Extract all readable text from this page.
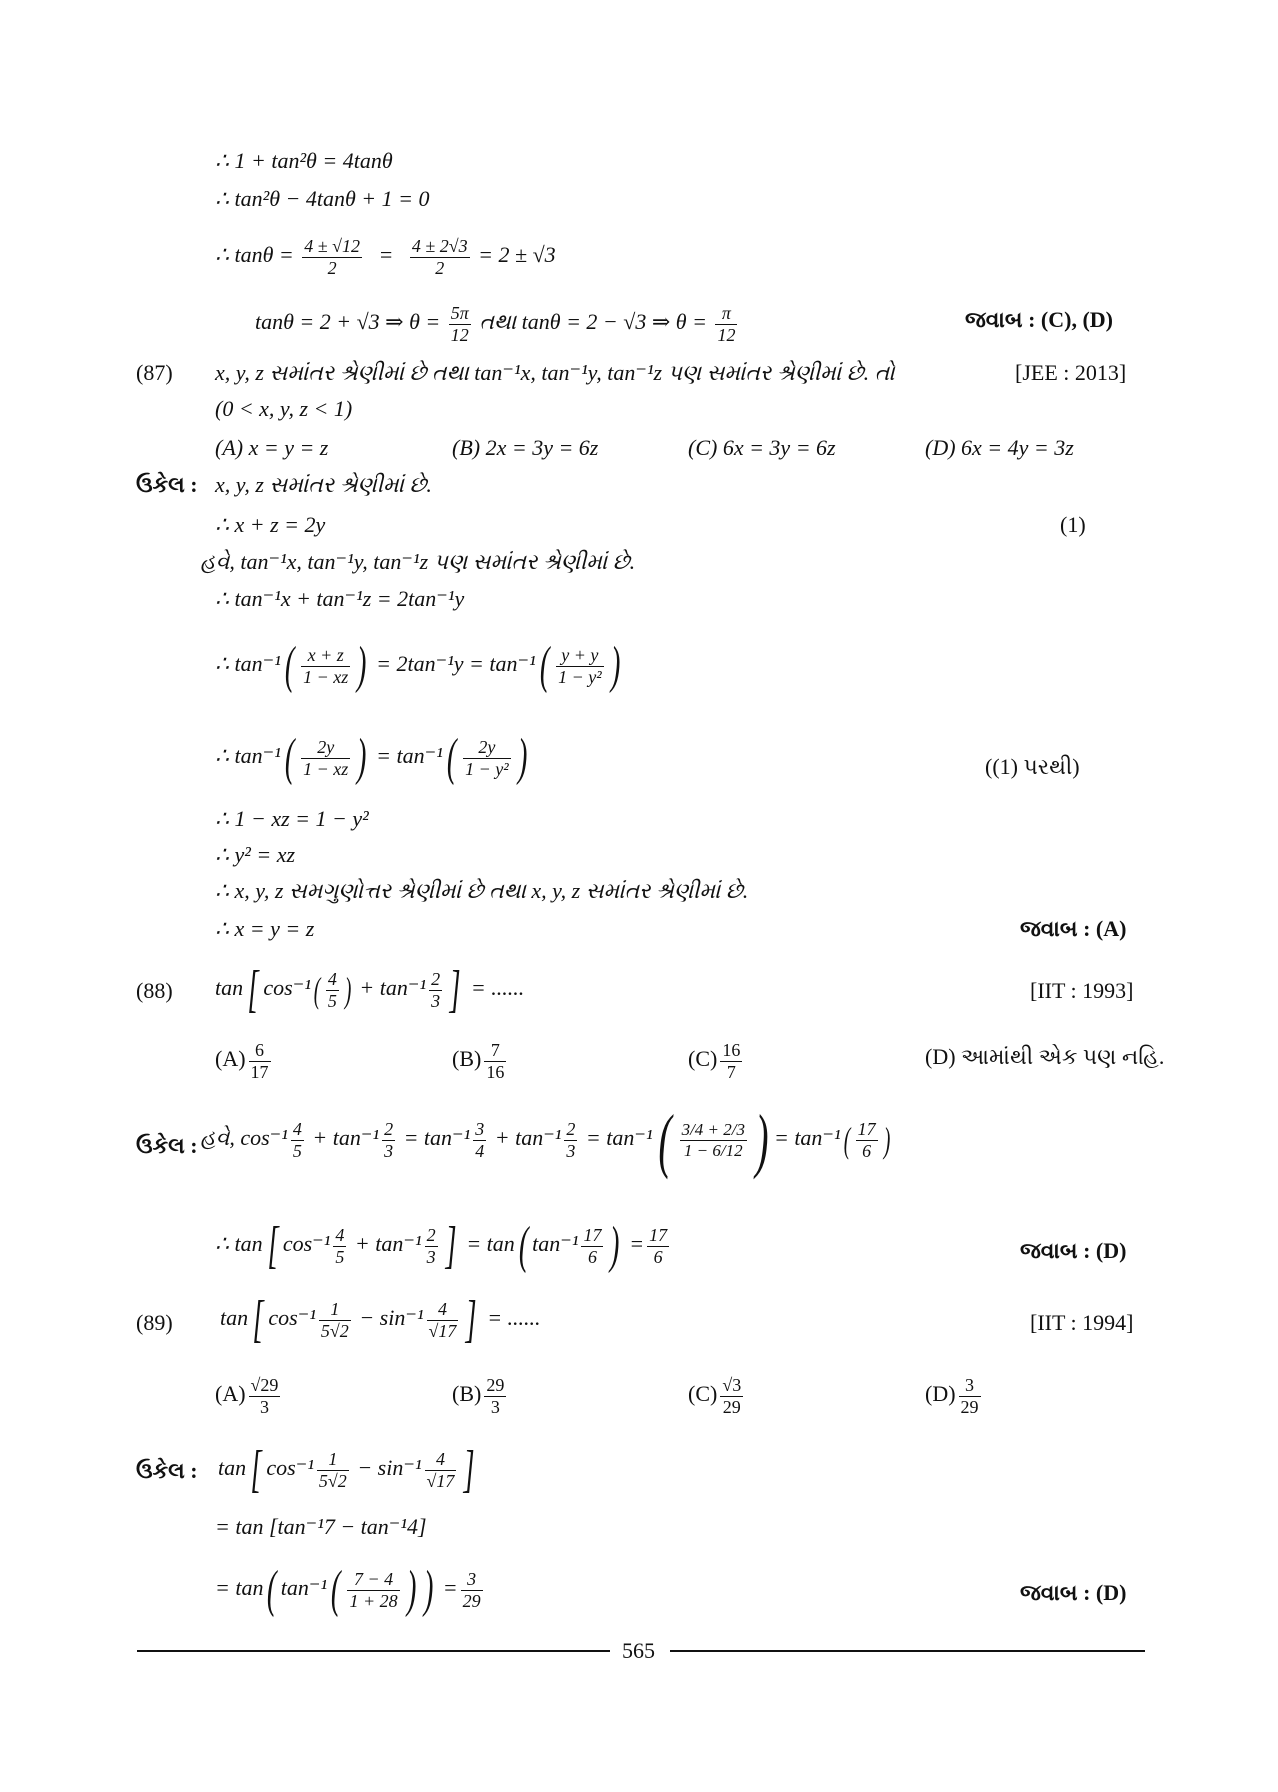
∴ 1 + tan²θ = 4tanθ
∴ tan²θ − 4tanθ + 1 = 0
∴ $\tan\theta = \frac{4 \pm √12}{2} = \frac{4 \pm 2√3}{2} = 2 \pm √3$
tanθ = 2 + √3 ⇒ $\theta = \frac{5\pi}{12}$ તથા tanθ = 2 − √3 ⇒ $\theta = \frac{\pi}{12}$	જવાબ : (C), (D)
(87) x, y, z સમાંતર શ્રેણીમાં છે તથા tan⁻¹x, tan⁻¹y, tan⁻¹z પણ સમાંતર શ્રેણીમાં છે. તો	[JEE : 2013]
(0 < x, y, z < 1)
(A) x = y = z	(B) 2x = 3y = 6z	(C) 6x = 3y = 6z	(D) 6x = 4y = 3z
ઉકેલ : x, y, z સમાંતર શ્રેણીમાં છે.
∴ x + z = 2y	(1)
હવે, tan⁻¹x, tan⁻¹y, tan⁻¹z પણ સમાંતર શ્રેણીમાં છે.
∴ tan⁻¹x + tan⁻¹z = 2tan⁻¹y
∴ $\tan^{-1}( \frac{x + z}{1 - xz}$ ) = $2\tan^{-1}y = \tan^{-1}( \frac{y + y}{\text{1 − y²}}$ )
∴ $\tan^{-1}( \frac{2y}{1 - xz}$ ) = $\tan^{-1}( \frac{2y}{\text{1 − y²}}$ )	((1) પરથી)
∴ 1 − xz = 1 − y²
∴ y² = xz
∴ x, y, z સમગુણોત્તર શ્રેણીમાં છે તથા x, y, z સમાંતર શ્રેણીમાં છે.
∴ x = y = z	જવાબ : (A)
(88) tan[ $\cos^{-1}( \frac{4}{5}$ ) + $\tan^{-1} \frac{2}{3}$ ] = ......	[IIT : 1993]
$(A) \frac{6}{17}$	$(B) \frac{7}{16}$	$(C) \frac{16}{7}$	(D) આમાંથી એક પણ નહિ.
ઉકેલ : હવે, $\cos^{-1} \frac{4}{5} + \tan^{-1} \frac{2}{3} = \tan^{-1} \frac{3}{4} + \tan^{-1} \frac{2}{3} = \tan^{-1}( \frac{3/4 + 2/3}{1 - 6/12}$ ) = $\tan^{-1}( \frac{17}{6}$ )
∴ tan[ $\cos^{-1} \frac{4}{5} + \tan^{-1} \frac{2}{3}$ ] = tan( $\tan^{-1} \frac{17}{6}$ ) = $\frac{17}{6}$	જવાબ : (D)
(89) tan[ $\cos^{-1} \frac{1}{5√2} - \sin^{-1} \frac{4}{√17}$ ] = ......	[IIT : 1994]
$(A) \frac{√29}{3}$	$(B) \frac{29}{3}$	$(C) \frac{√3}{29}$	$(D) \frac{3}{29}$
ઉકેલ : tan[ $\cos^{-1} \frac{1}{5√2} - \sin^{-1} \frac{4}{√17}$ ]
= tan [tan⁻¹7 − tan⁻¹4]
= tan( $\tan^{-1}( \frac{7 - 4}{1 + 28}$ ) ) = $\frac{3}{29}$	જવાબ : (D)
565
